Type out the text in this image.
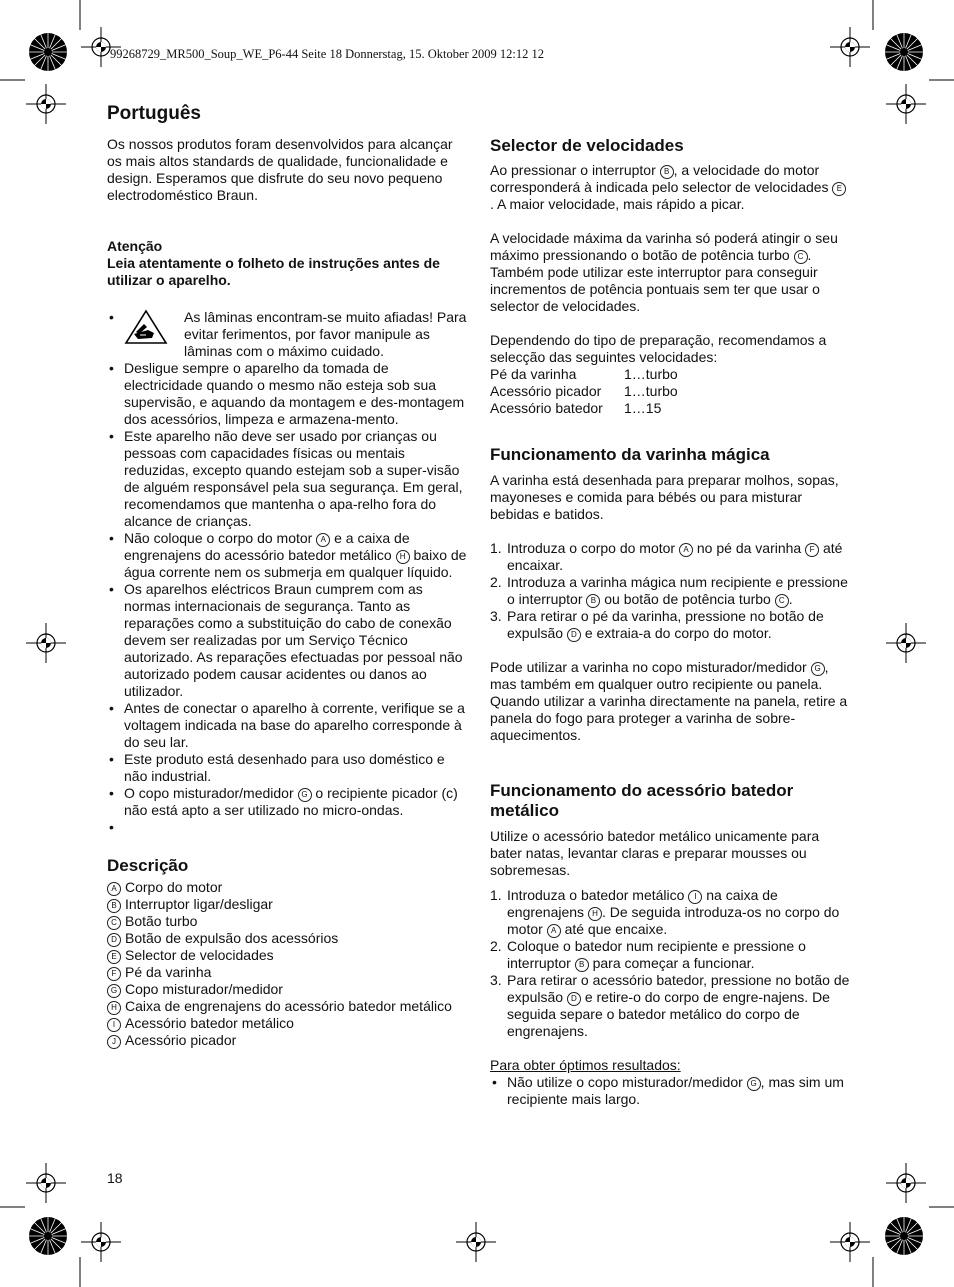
99268729_MR500_Soup_WE_P6-44 Seite 18 Donnerstag, 15. Oktober 2009 12:12 12
Português

Os nossos produtos foram desenvolvidos para alcançar os mais altos standards de qualidade, funcionalidade e design. Esperamos que disfrute do seu novo pequeno electrodoméstico Braun.

Atenção

Leia atentamente o folheto de instruções antes de utilizar o aparelho.

• As lâminas encontram-se muito afiadas! Para evitar ferimentos, por favor manipule as lâminas com o máximo cuidado.
• Desligue sempre o aparelho da tomada de electricidade quando o mesmo não esteja sob sua supervisão, e aquando da montagem e des-montagem dos acessórios, limpeza e armazena-mento.
• Este aparelho não deve ser usado por crianças ou pessoas com capacidades físicas ou mentais reduzidas, excepto quando estejam sob a super-visão de alguém responsável pela sua segurança. Em geral, recomendamos que mantenha o apa-relho fora do alcance de crianças.
• Não coloque o corpo do motor A e a caixa de engrenajens do acessório batedor metálico H baixo de água corrente nem os submerja em qualquer líquido.
• Os aparelhos eléctricos Braun cumprem com as normas internacionais de segurança. Tanto as reparações como a substituição do cabo de conexão devem ser realizadas por um Serviço Técnico autorizado. As reparações efectuadas por pessoal não autorizado podem causar acidentes ou danos ao utilizador.
• Antes de conectar o aparelho à corrente, verifique se a voltagem indicada na base do aparelho corresponde à do seu lar.
• Este produto está desenhado para uso doméstico e não industrial.
• O copo misturador/medidor G o recipiente picador (c) não está apto a ser utilizado no micro-ondas.
•
Descrição
A Corpo do motor
B Interruptor ligar/desligar
C Botão turbo
D Botão de expulsão dos acessórios
E Selector de velocidades
F Pé da varinha
G Copo misturador/medidor
H Caixa de engrenajens do acessório batedor metálico
I Acessório batedor metálico
J Acessório picador
Selector de velocidades

Ao pressionar o interruptor B , a velocidade do motor corresponderá à indicada pelo selector de velocidades E. A maior velocidade, mais rápido a picar.

A velocidade máxima da varinha só poderá atingir o seu máximo pressionando o botão de potência turbo C . Também pode utilizar este interruptor para conseguir incrementos de potência pontuais sem ter que usar o selector de velocidades.

Dependendo do tipo de preparação, recomendamos a selecção das seguintes velocidades:

Pé da varinha	1…turbo
Acessório picador	1…turbo
Acessório batedor	1…15
Funcionamento da varinha mágica

A varinha está desenhada para preparar molhos, sopas, mayoneses e comida para bébés ou para misturar bebidas e batidos.

1. Introduza o corpo do motor A no pé da varinha F até encaixar.
2. Introduza a varinha mágica num recipiente e pressione o interruptor B ou botão de potência turbo C .
3. Para retirar o pé da varinha, pressione no botão de expulsão D e extraia-a do corpo do motor.

Pode utilizar a varinha no copo misturador/medidor G , mas também em qualquer outro recipiente ou panela. Quando utilizar a varinha directamente na panela, retire a panela do fogo para proteger a varinha de sobre-aquecimentos.

Funcionamento do acessório batedor metálico

Utilize o acessório batedor metálico unicamente para bater natas, levantar claras e preparar mousses ou sobremesas.

1. Introduza o batedor metálico I na caixa de engrenajens H . De seguida introduza-os no corpo do motor A até que encaixe.
2. Coloque o batedor num recipiente e pressione o interruptor B para começar a funcionar.
3. Para retirar o acessório batedor, pressione no botão de expulsão D e retire-o do corpo de engre-najens. De seguida separe o batedor metálico do corpo de engrenajens.

Para obter óptimos resultados:

• Não utilize o copo misturador/medidor G , mas sim um recipiente mais largo.
18
